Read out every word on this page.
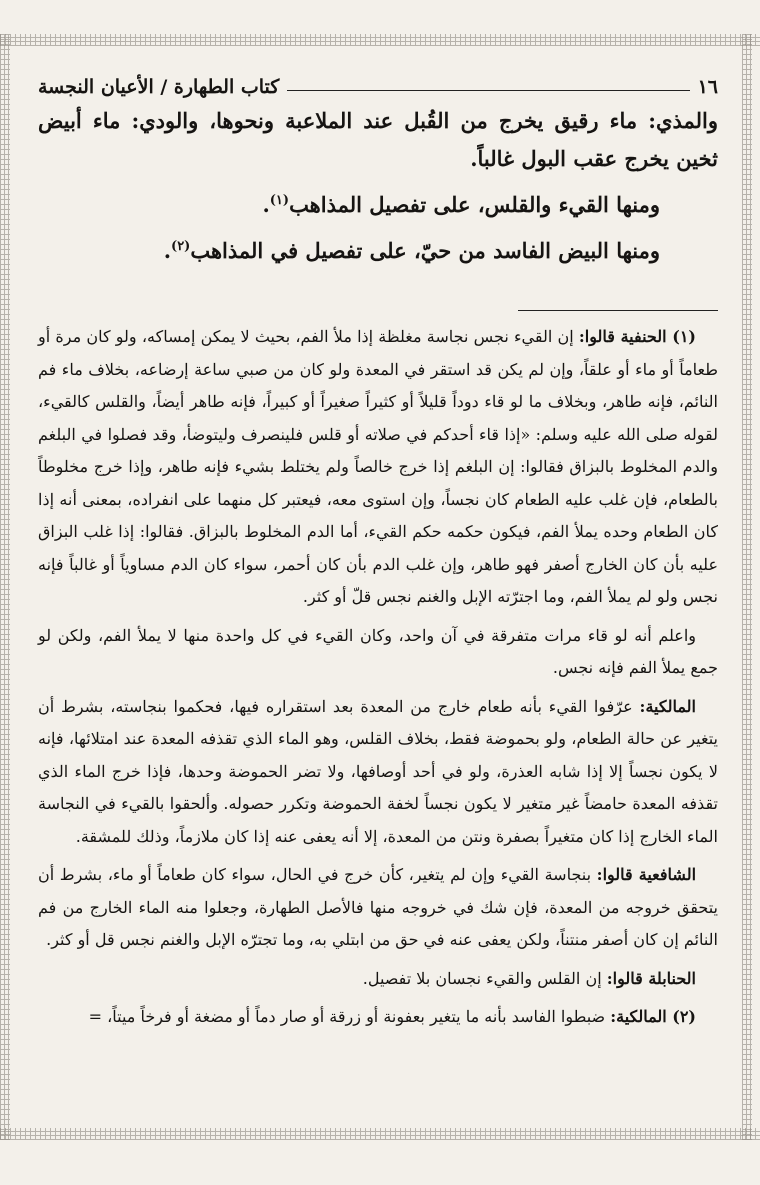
١٦
كتاب الطهارة / الأعيان النجسة

والمذي: ماء رقيق يخرج من القُبل عند الملاعبة ونحوها، والودي: ماء أبيض ثخين يخرج عقب البول غالباً.

ومنها القيء والقلس، على تفصيل المذاهب$^{(١)}$.

ومنها البيض الفاسد من حيّ، على تفصيل في المذاهب$^{(٢)}$.

(١) الحنفية قالوا: إن القيء نجس نجاسة مغلظة إذا ملأ الفم، بحيث لا يمكن إمساكه، ولو كان مرة أو طعاماً أو ماء أو علقاً، وإن لم يكن قد استقر في المعدة ولو كان من صبي ساعة إرضاعه، بخلاف ماء فم النائم، فإنه طاهر، وبخلاف ما لو قاء دوداً قليلاً أو كثيراً صغيراً أو كبيراً، فإنه طاهر أيضاً، والقلس كالقيء، لقوله صلى الله عليه وسلم: «إذا قاء أحدكم في صلاته أو قلس فلينصرف وليتوضأ، وقد فصلوا في البلغم والدم المخلوط بالبزاق فقالوا: إن البلغم إذا خرج خالصاً ولم يختلط بشيء فإنه طاهر، وإذا خرج مخلوطاً بالطعام، فإن غلب عليه الطعام كان نجساً، وإن استوى معه، فيعتبر كل منهما على انفراده، بمعنى أنه إذا كان الطعام وحده يملأ الفم، فيكون حكمه حكم القيء، أما الدم المخلوط بالبزاق. فقالوا: إذا غلب البزاق عليه بأن كان الخارج أصفر فهو طاهر، وإن غلب الدم بأن كان أحمر، سواء كان الدم مساوياً أو غالباً فإنه نجس ولو لم يملأ الفم، وما اجترّته الإبل والغنم نجس قلّ أو كثر.

واعلم أنه لو قاء مرات متفرقة في آن واحد، وكان القيء في كل واحدة منها لا يملأ الفم، ولكن لو جمع يملأ الفم فإنه نجس.

المالكية: عرّفوا القيء بأنه طعام خارج من المعدة بعد استقراره فيها، فحكموا بنجاسته، بشرط أن يتغير عن حالة الطعام، ولو بحموضة فقط، بخلاف القلس، وهو الماء الذي تقذفه المعدة عند امتلائها، فإنه لا يكون نجساً إلا إذا شابه العذرة، ولو في أحد أوصافها، ولا تضر الحموضة وحدها، فإذا خرج الماء الذي تقذفه المعدة حامضاً غير متغير لا يكون نجساً لخفة الحموضة وتكرر حصوله. وألحقوا بالقيء في النجاسة الماء الخارج إذا كان متغيراً بصفرة ونتن من المعدة، إلا أنه يعفى عنه إذا كان ملازماً، وذلك للمشقة.

الشافعية قالوا: بنجاسة القيء وإن لم يتغير، كأن خرج في الحال، سواء كان طعاماً أو ماء، بشرط أن يتحقق خروجه من المعدة، فإن شك في خروجه منها فالأصل الطهارة، وجعلوا منه الماء الخارج من فم النائم إن كان أصفر منتناً، ولكن يعفى عنه في حق من ابتلي به، وما تجترّه الإبل والغنم نجس قل أو كثر.

الحنابلة قالوا: إن القلس والقيء نجسان بلا تفصيل.

(٢) المالكية: ضبطوا الفاسد بأنه ما يتغير بعفونة أو زرقة أو صار دماً أو مضغة أو فرخاً ميتاً، =
